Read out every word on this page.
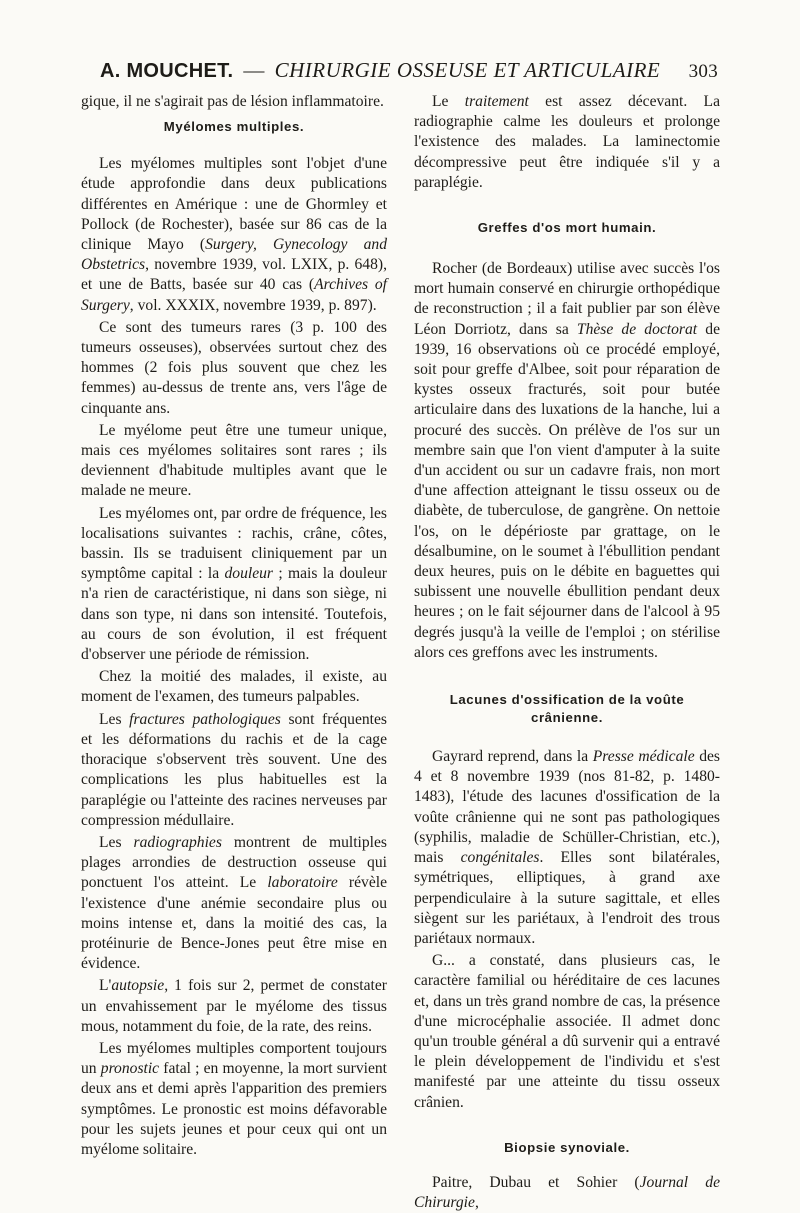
A. MOUCHET. — CHIRURGIE OSSEUSE ET ARTICULAIRE 303

gique, il ne s'agirait pas de lésion inflammatoire.

Myélomes multiples.

Les myélomes multiples sont l'objet d'une étude approfondie dans deux publications différentes en Amérique : une de Ghormley et Pollock (de Rochester), basée sur 86 cas de la clinique Mayo (Surgery, Gynecology and Obstetrics, novembre 1939, vol. LXIX, p. 648), et une de Batts, basée sur 40 cas (Archives of Surgery, vol. XXXIX, novembre 1939, p. 897).

Ce sont des tumeurs rares (3 p. 100 des tumeurs osseuses), observées surtout chez des hommes (2 fois plus souvent que chez les femmes) au-dessus de trente ans, vers l'âge de cinquante ans.

Le myélome peut être une tumeur unique, mais ces myélomes solitaires sont rares ; ils deviennent d'habitude multiples avant que le malade ne meure.

Les myélomes ont, par ordre de fréquence, les localisations suivantes : rachis, crâne, côtes, bassin. Ils se traduisent cliniquement par un symptôme capital : la douleur ; mais la douleur n'a rien de caractéristique, ni dans son siège, ni dans son type, ni dans son intensité. Toutefois, au cours de son évolution, il est fréquent d'observer une période de rémission.

Chez la moitié des malades, il existe, au moment de l'examen, des tumeurs palpables.

Les fractures pathologiques sont fréquentes et les déformations du rachis et de la cage thoracique s'observent très souvent. Une des complications les plus habituelles est la paraplégie ou l'atteinte des racines nerveuses par compression médullaire.

Les radiographies montrent de multiples plages arrondies de destruction osseuse qui ponctuent l'os atteint. Le laboratoire révèle l'existence d'une anémie secondaire plus ou moins intense et, dans la moitié des cas, la protéinurie de Bence-Jones peut être mise en évidence.

L'autopsie, 1 fois sur 2, permet de constater un envahissement par le myélome des tissus mous, notamment du foie, de la rate, des reins.

Les myélomes multiples comportent toujours un pronostic fatal ; en moyenne, la mort survient deux ans et demi après l'apparition des premiers symptômes. Le pronostic est moins défavorable pour les sujets jeunes et pour ceux qui ont un myélome solitaire.

Le traitement est assez décevant. La radiographie calme les douleurs et prolonge l'existence des malades. La laminectomie décompressive peut être indiquée s'il y a paraplégie.

Greffes d'os mort humain.

Rocher (de Bordeaux) utilise avec succès l'os mort humain conservé en chirurgie orthopédique de reconstruction ; il a fait publier par son élève Léon Dorriotz, dans sa Thèse de doctorat de 1939, 16 observations où ce procédé employé, soit pour greffe d'Albee, soit pour réparation de kystes osseux fracturés, soit pour butée articulaire dans des luxations de la hanche, lui a procuré des succès. On prélève de l'os sur un membre sain que l'on vient d'amputer à la suite d'un accident ou sur un cadavre frais, non mort d'une affection atteignant le tissu osseux ou de diabète, de tuberculose, de gangrène. On nettoie l'os, on le dépériostе par grattage, on le désalbumine, on le soumet à l'ébullition pendant deux heures, puis on le débite en baguettes qui subissent une nouvelle ébullition pendant deux heures ; on le fait séjourner dans de l'alcool à 95 degrés jusqu'à la veille de l'emploi ; on stérilise alors ces greffons avec les instruments.

Lacunes d'ossification de la voûte
crânienne.

Gayrard reprend, dans la Presse médicale des 4 et 8 novembre 1939 (nos 81-82, p. 1480-1483), l'étude des lacunes d'ossification de la voûte crânienne qui ne sont pas pathologiques (syphilis, maladie de Schüller-Christian, etc.), mais congénitales. Elles sont bilatérales, symétriques, elliptiques, à grand axe perpendiculaire à la suture sagittale, et elles siègent sur les pariétaux, à l'endroit des trous pariétaux normaux.

G... a constaté, dans plusieurs cas, le caractère familial ou héréditaire de ces lacunes et, dans un très grand nombre de cas, la présence d'une microcéphalie associée. Il admet donc qu'un trouble général a dû survenir qui a entravé le plein développement de l'individu et s'est manifesté par une atteinte du tissu osseux crânien.

Biopsie synoviale.

Paitre, Dubau et Sohier (Journal de Chirurgie,
